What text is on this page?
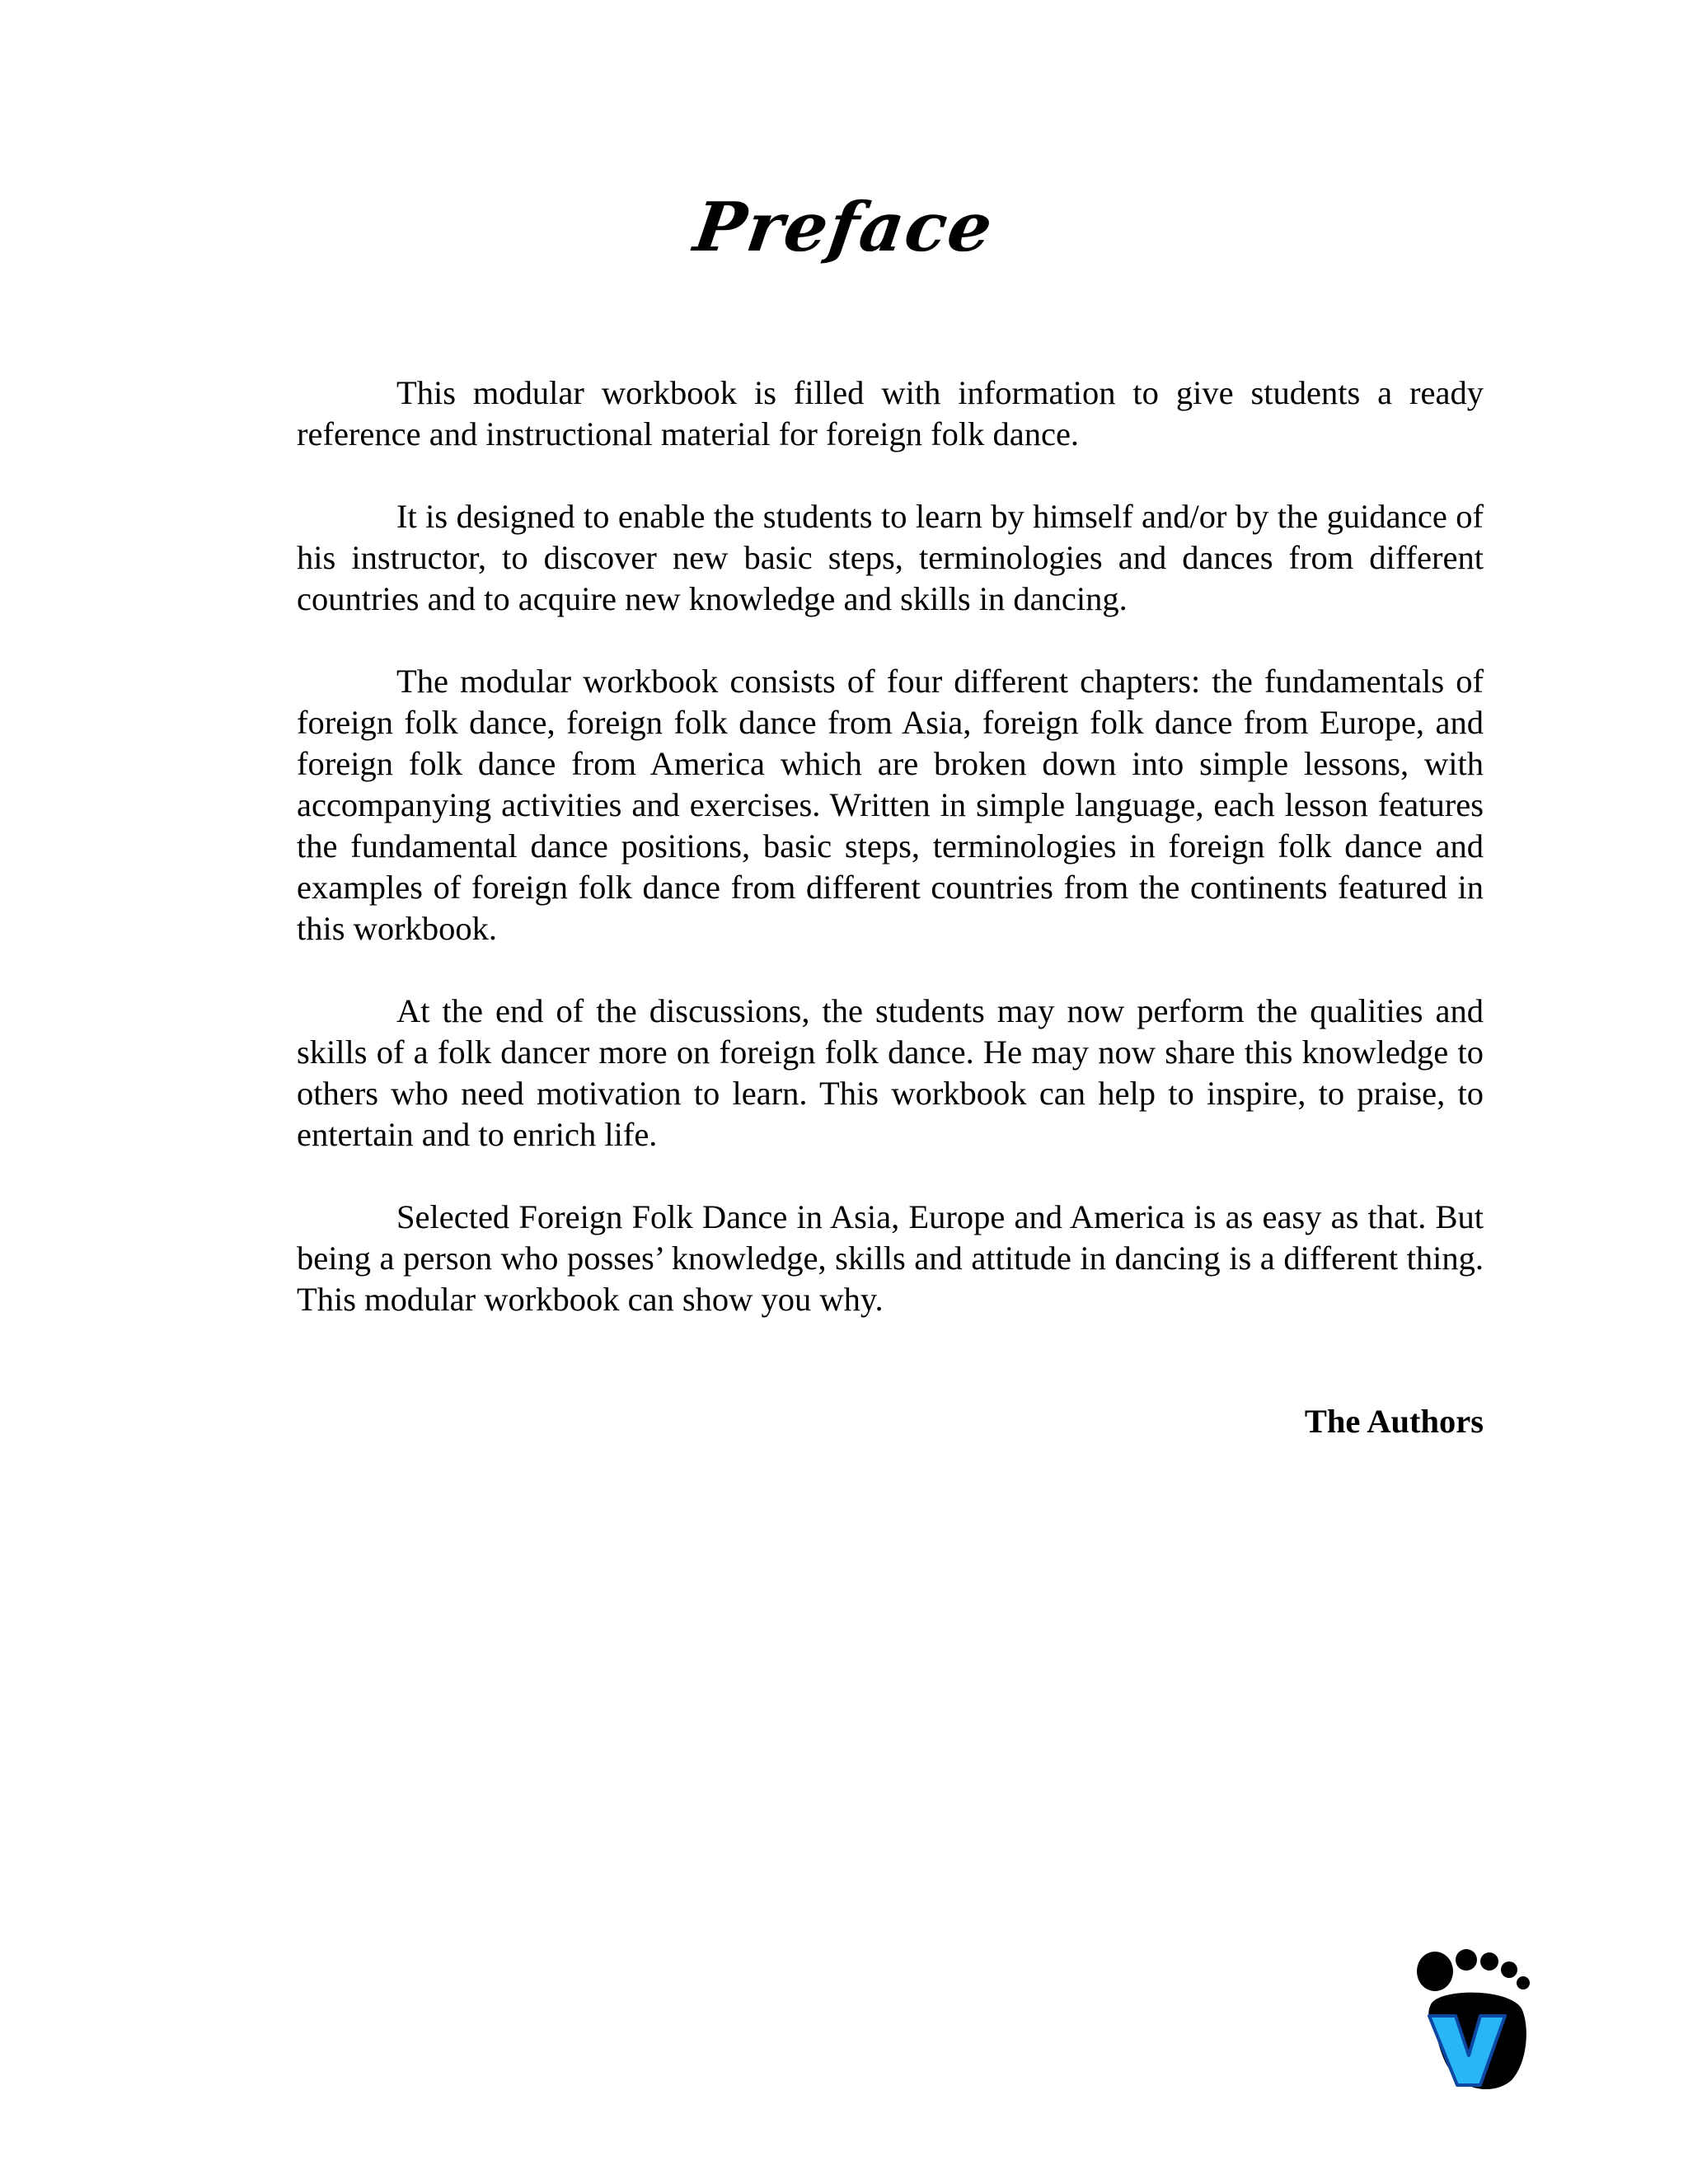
Preface

This modular workbook is filled with information to give students a ready reference and instructional material for foreign folk dance.

It is designed to enable the students to learn by himself and/or by the guidance of his instructor, to discover new basic steps, terminologies and dances from different countries and to acquire new knowledge and skills in dancing.

The modular workbook consists of four different chapters: the fundamentals of foreign folk dance, foreign folk dance from Asia, foreign folk dance from Europe, and foreign folk dance from America which are broken down into simple lessons, with accompanying activities and exercises. Written in simple language, each lesson features the fundamental dance positions, basic steps, terminologies in foreign folk dance and examples of foreign folk dance from different countries from the continents featured in this workbook.

At the end of the discussions, the students may now perform the qualities and skills of a folk dancer more on foreign folk dance. He may now share this knowledge to others who need motivation to learn. This workbook can help to inspire, to praise, to entertain and to enrich life.

Selected Foreign Folk Dance in Asia, Europe and America is as easy as that. But being a person who posses’ knowledge, skills and attitude in dancing is a different thing. This modular workbook can show you why.

The Authors
